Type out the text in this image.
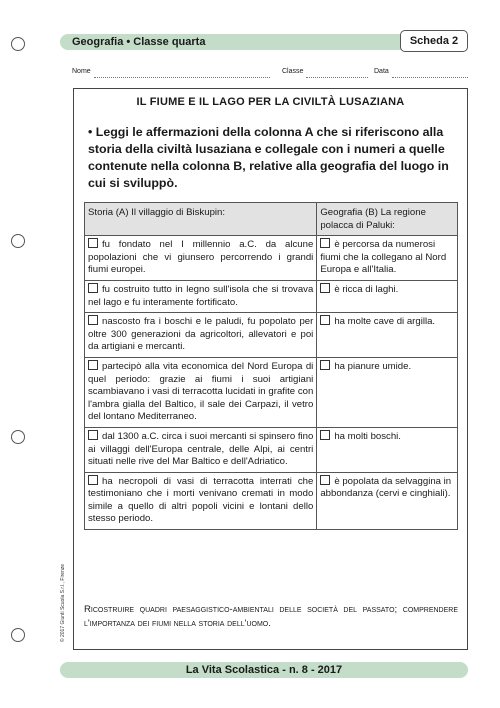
Geografia • Classe quarta	Scheda 2
Nome	Classe	Data
IL FIUME E IL LAGO PER LA CIVILTÀ LUSAZIANA
• Leggi le affermazioni della colonna A che si riferiscono alla storia della civiltà lusaziana e collegale con i numeri a quelle contenute nella colonna B, relative alla geografia del luogo in cui si sviluppò.
Storia (A) Il villaggio di Biskupin:	Geografia (B) La regione polacca di Paluki:
fu fondato nel I millennio a.C. da alcune popolazioni che vi giunsero percorrendo i grandi fiumi europei.	è percorsa da numerosi fiumi che la collegano al Nord Europa e all'Italia.
fu costruito tutto in legno sull'isola che si trovava nel lago e fu interamente fortificato.	è ricca di laghi.
nascosto fra i boschi e le paludi, fu popolato per oltre 300 generazioni da agricoltori, allevatori e poi da artigiani e mercanti.	ha molte cave di argilla.
partecipò alla vita economica del Nord Europa di quel periodo: grazie ai fiumi i suoi artigiani scambiavano i vasi di terracotta lucidati in grafite con l'ambra gialla del Baltico, il sale dei Carpazi, il vetro del lontano Mediterraneo.	ha pianure umide.
dal 1300 a.C. circa i suoi mercanti si spinsero fino ai villaggi dell'Europa centrale, delle Alpi, ai centri situati nelle rive del Mar Baltico e dell'Adriatico.	ha molti boschi.
ha necropoli di vasi di terracotta interrati che testimoniano che i morti venivano cremati in modo simile a quello di altri popoli vicini e lontani dello stesso periodo.	è popolata da selvaggina in abbondanza (cervi e cinghiali).
Ricostruire quadri paesaggistico-ambientali delle società del passato; comprendere l'importanza dei fiumi nella storia dell'uomo.
© 2017 Giunti Scuola S.r.l., Firenze
La Vita Scolastica - n. 8 - 2017
